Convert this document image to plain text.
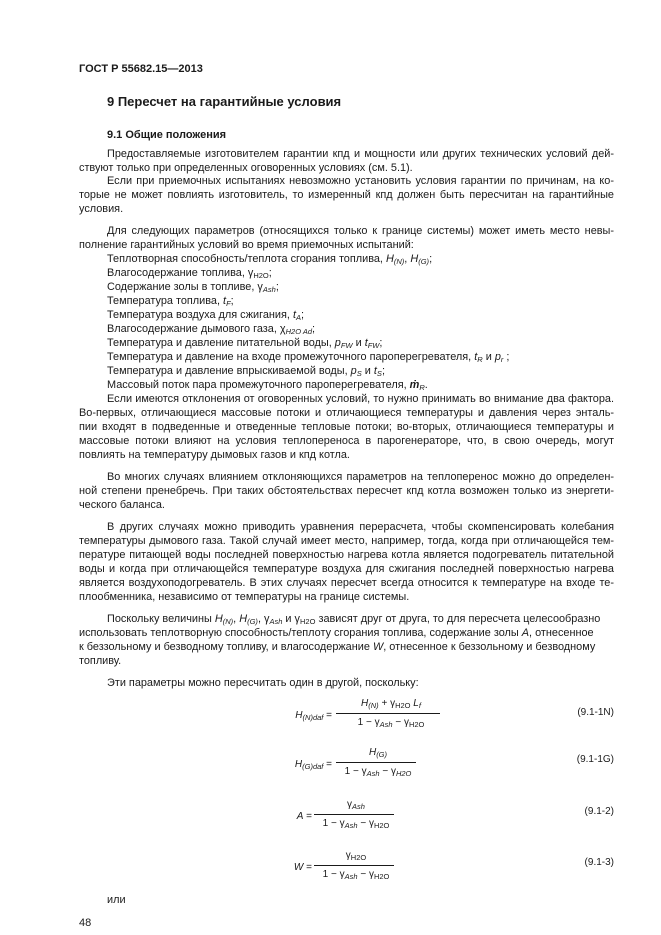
ГОСТ Р 55682.15—2013
9 Пересчет на гарантийные условия
9.1 Общие положения
Предоставляемые изготовителем гарантии кпд и мощности или других технических условий дей-
ствуют только при определенных оговоренных условиях (см. 5.1).
Если при приемочных испытаниях невозможно установить условия гарантии по причинам, на ко-
торые не может повлиять изготовитель, то измеренный кпд должен быть пересчитан на гарантийные
условия.
Для следующих параметров (относящихся только к границе системы) может иметь место невы-
полнение гарантийных условий во время приемочных испытаний:
Теплотворная способность/теплота сгорания топлива, $H_{(N)}$, $H_{(G)}$;
Влагосодержание топлива, $\gamma_{H2O}$;
Содержание золы в топливе, $\gamma_{Ash}$;
Температура топлива, $t_F$;
Температура воздуха для сжигания, $t_A$;
Влагосодержание дымового газа, $\chi_{H2O Ad}$;
Температура и давление питательной воды, $p_{FW}$ и $t_{FW}$;
Температура и давление на входе промежуточного пароперегревателя, $t_R$ и $p_r$ ;
Температура и давление впрыскиваемой воды, $p_S$ и $t_S$;
Массовый поток пара промежуточного пароперегревателя, ṁ$_R$.
Если имеются отклонения от оговоренных условий, то нужно принимать во внимание два фактора.
Во-первых, отличающиеся массовые потоки и отличающиеся температуры и давления через энталь-
пии входят в подведенные и отведенные тепловые потоки; во-вторых, отличающиеся температуры и
массовые потоки влияют на условия теплопереноса в парогенераторе, что, в свою очередь, могут
повлиять на температуру дымовых газов и кпд котла.
Во многих случаях влиянием отклоняющихся параметров на теплоперенос можно до определен-
ной степени пренебречь. При таких обстоятельствах пересчет кпд котла возможен только из энергети-
ческого баланса.
В других случаях можно приводить уравнения перерасчета, чтобы скомпенсировать колебания
температуры дымового газа. Такой случай имеет место, например, тогда, когда при отличающейся тем-
пературе питающей воды последней поверхностью нагрева котла является подогреватель питательной
воды и когда при отличающейся температуре воздуха для сжигания последней поверхностью нагрева
является воздухоподогреватель. В этих случаях пересчет всегда относится к температуре на входе те-
плообменника, независимо от температуры на границе системы.
Поскольку величины $H_{(N)}$, $H_{(G)}$, $\gamma_{Ash}$ и $\gamma_{H2O}$ зависят друг от друга, то для пересчета целесообразно
использовать теплотворную способность/теплоту сгорания топлива, содержание золы A, отнесенное
к беззольному и безводному топливу, и влагосодержание W, отнесенное к беззольному и безводному
топливу.
Эти параметры можно пересчитать один в другой, поскольку:
$H_{(N)daf}$ =
$H_{(N)} + \gamma_{H2O}$ $L_f$
$1 - \gamma_{Ash} - \gamma_{H2O}$
(9.1-1N)
$H_{(G)daf}$ =
$H_{(G)}$
$1 - \gamma_{Ash} - \gamma_{H2O}$
(9.1-1G)
A =
$\gamma_{Ash}$
$1 - \gamma_{Ash} - \gamma_{H2O}$
(9.1-2)
W =
$\gamma_{H2O}$
$1 - \gamma_{Ash} - \gamma_{H2O}$
(9.1-3)
или
48
